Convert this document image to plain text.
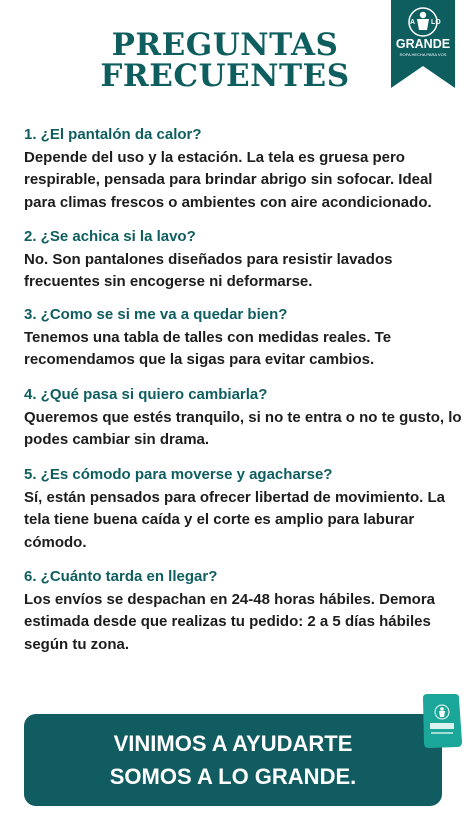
PREGUNTAS
FRECUENTES
A LO
GRANDE
ROPA HECHA PARA VOS
1. ¿El pantalón da calor?
Depende del uso y la estación. La tela es gruesa pero respirable, pensada para brindar abrigo sin sofocar. Ideal para climas frescos o ambientes con aire acondicionado.
2. ¿Se achica si la lavo?
No. Son pantalones diseñados para resistir lavados frecuentes sin encogerse ni deformarse.
3. ¿Como se si me va a quedar bien?
Tenemos una tabla de talles con medidas reales. Te recomendamos que la sigas para evitar cambios.
4. ¿Qué pasa si quiero cambiarla?
Queremos que estés tranquilo, si no te entra o no te gusto, lo podes cambiar sin drama.
5. ¿Es cómodo para moverse y agacharse?
Sí, están pensados para ofrecer libertad de movimiento. La tela tiene buena caída y el corte es amplio para laburar cómodo.
6. ¿Cuánto tarda en llegar?
Los envíos se despachan en 24-48 horas hábiles. Demora estimada desde que realizas tu pedido: 2 a 5 días hábiles según tu zona.
VINIMOS A AYUDARTE
SOMOS A LO GRANDE.
